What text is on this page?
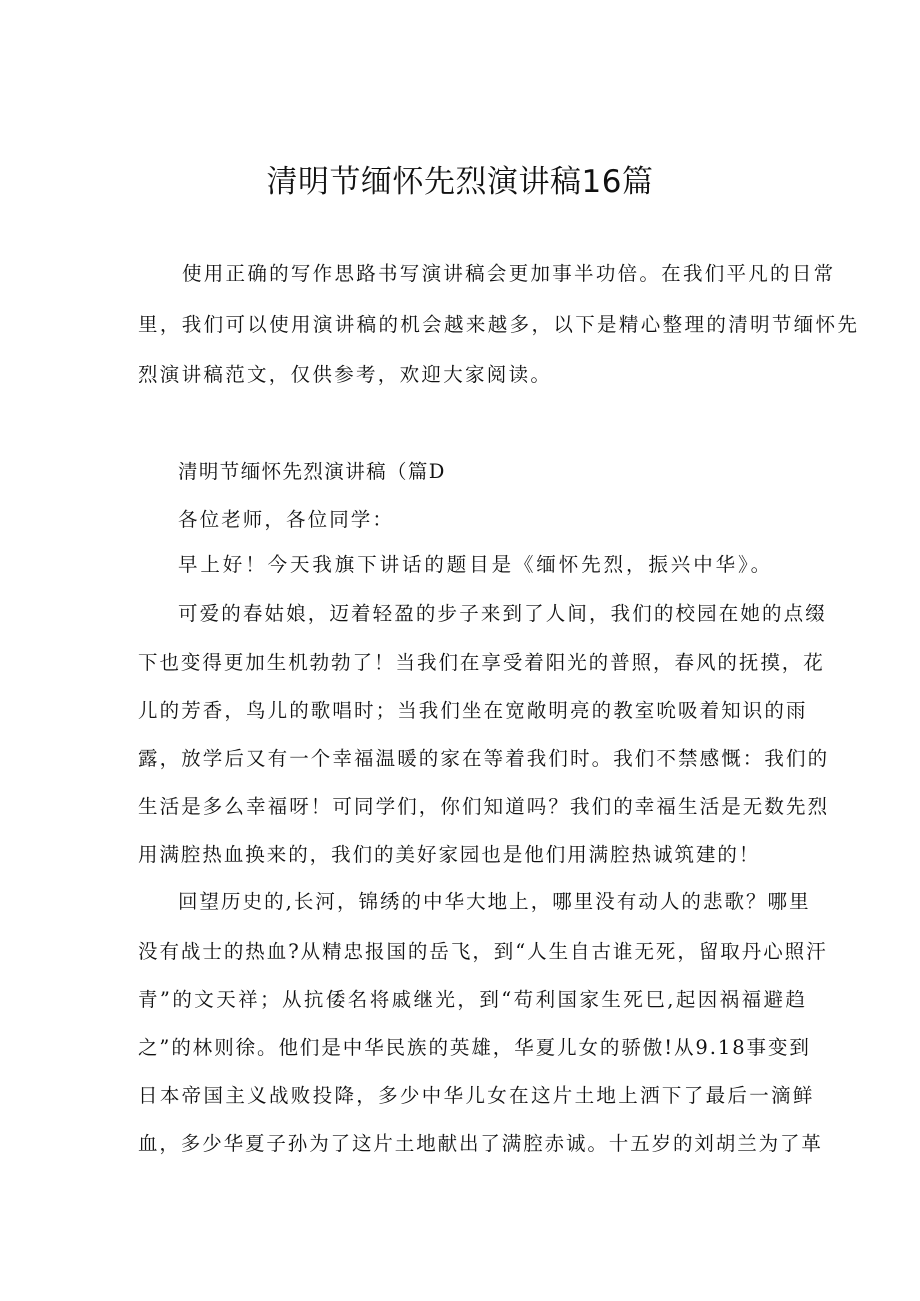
清明节缅怀先烈演讲稿16篇
使用正确的写作思路书写演讲稿会更加事半功倍。在我们平凡的日常
里，我们可以使用演讲稿的机会越来越多，以下是精心整理的清明节缅怀先
烈演讲稿范文，仅供参考，欢迎大家阅读。
清明节缅怀先烈演讲稿（篇D
各位老师，各位同学：
早上好！今天我旗下讲话的题目是《缅怀先烈，振兴中华》。
可爱的春姑娘，迈着轻盈的步子来到了人间，我们的校园在她的点缀
下也变得更加生机勃勃了！当我们在享受着阳光的普照，春风的抚摸，花
儿的芳香，鸟儿的歌唱时；当我们坐在宽敞明亮的教室吮吸着知识的雨
露，放学后又有一个幸福温暖的家在等着我们时。我们不禁感慨：我们的
生活是多么幸福呀！可同学们，你们知道吗？我们的幸福生活是无数先烈
用满腔热血换来的，我们的美好家园也是他们用满腔热诚筑建的！
回望历史的,长河，锦绣的中华大地上，哪里没有动人的悲歌？哪里
没有战士的热血?从精忠报国的岳飞，到“人生自古谁无死，留取丹心照汗
青”的文天祥；从抗倭名将戚继光，到“苟利国家生死巳,起因祸福避趋
之”的林则徐。他们是中华民族的英雄，华夏儿女的骄傲!从9.18事变到
日本帝国主义战败投降，多少中华儿女在这片土地上洒下了最后一滴鲜
血，多少华夏子孙为了这片土地献出了满腔赤诚。十五岁的刘胡兰为了革
